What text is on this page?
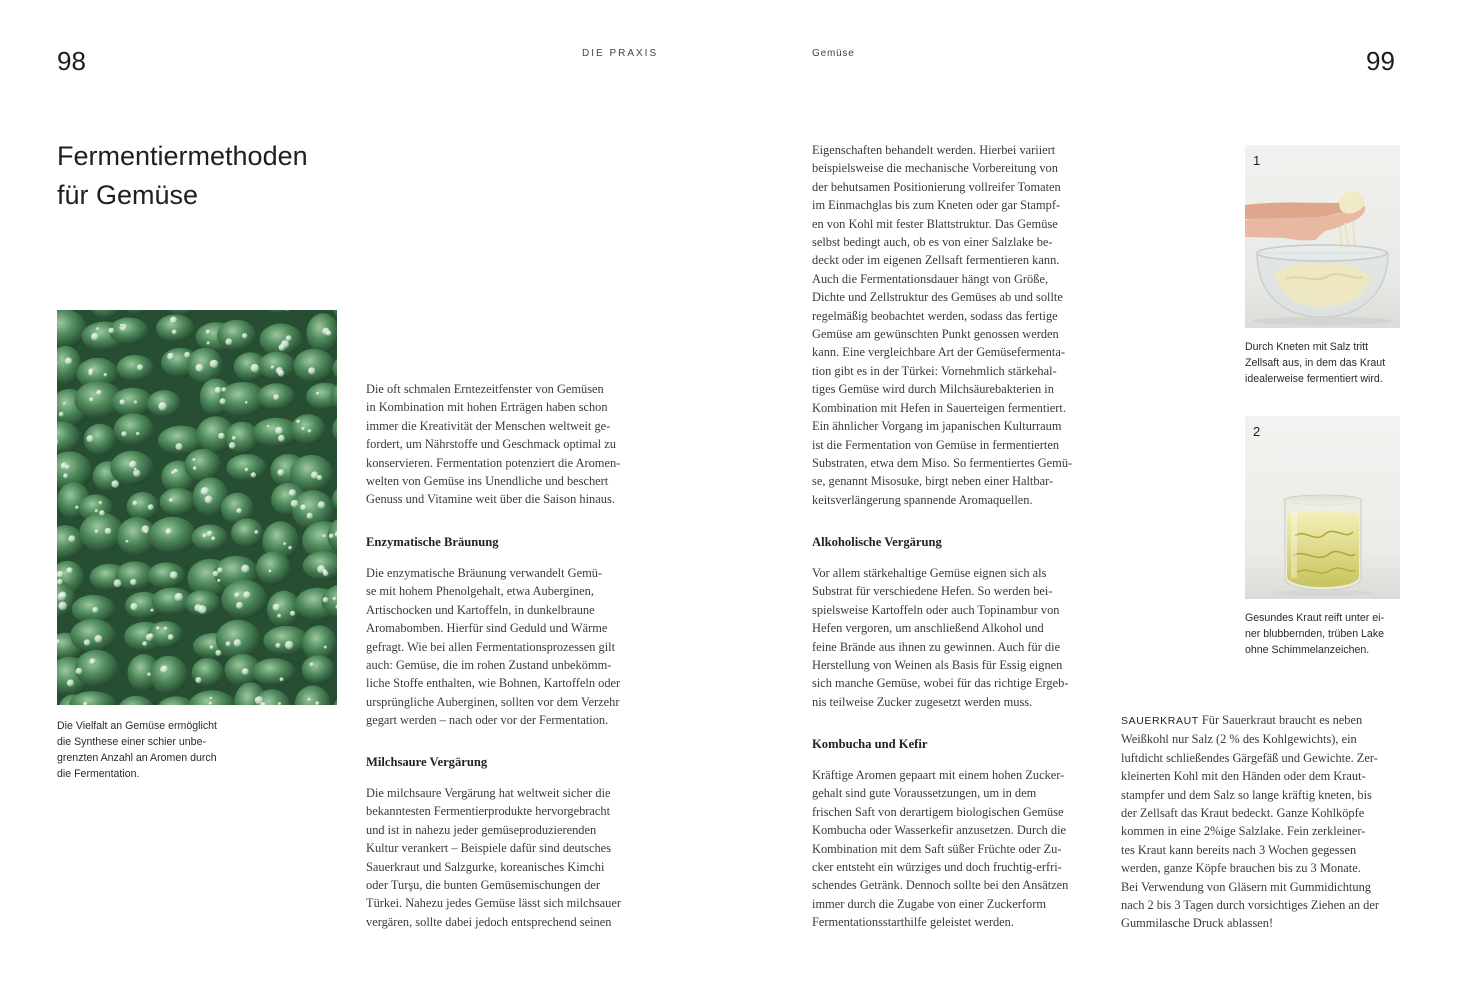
98	DIE PRAXIS	Gemüse	99
Fermentiermethoden
für Gemüse
Die Vielfalt an Gemüse ermöglicht
die Synthese einer schier unbe-
grenzten Anzahl an Aromen durch
die Fermentation.
Die oft schmalen Erntezeitfenster von Gemüsen
in Kombination mit hohen Erträgen haben schon
immer die Kreativität der Menschen weltweit ge-
fordert, um Nährstoffe und Geschmack optimal zu
konservieren. Fermentation potenziert die Aromen-
welten von Gemüse ins Unendliche und beschert
Genuss und Vitamine weit über die Saison hinaus.
Enzymatische Bräunung
Die enzymatische Bräunung verwandelt Gemü-
se mit hohem Phenolgehalt, etwa Auberginen,
Artischocken und Kartoffeln, in dunkelbraune
Aromabomben. Hierfür sind Geduld und Wärme
gefragt. Wie bei allen Fermentationsprozessen gilt
auch: Gemüse, die im rohen Zustand unbekömm-
liche Stoffe enthalten, wie Bohnen, Kartoffeln oder
ursprüngliche Auberginen, sollten vor dem Verzehr
gegart werden – nach oder vor der Fermentation.
Milchsaure Vergärung
Die milchsaure Vergärung hat weltweit sicher die
bekanntesten Fermentierprodukte hervorgebracht
und ist in nahezu jeder gemüseproduzierenden
Kultur verankert – Beispiele dafür sind deutsches
Sauerkraut und Salzgurke, koreanisches Kimchi
oder Turşu, die bunten Gemüsemischungen der
Türkei. Nahezu jedes Gemüse lässt sich milchsauer
vergären, sollte dabei jedoch entsprechend seinen
Eigenschaften behandelt werden. Hierbei variiert
beispielsweise die mechanische Vorbereitung von
der behutsamen Positionierung vollreifer Tomaten
im Einmachglas bis zum Kneten oder gar Stampf-
en von Kohl mit fester Blattstruktur. Das Gemüse
selbst bedingt auch, ob es von einer Salzlake be-
deckt oder im eigenen Zellsaft fermentieren kann.
Auch die Fermentationsdauer hängt von Größe,
Dichte und Zellstruktur des Gemüses ab und sollte
regelmäßig beobachtet werden, sodass das fertige
Gemüse am gewünschten Punkt genossen werden
kann. Eine vergleichbare Art der Gemüsefermenta-
tion gibt es in der Türkei: Vornehmlich stärkehal-
tiges Gemüse wird durch Milchsäurebakterien in
Kombination mit Hefen in Sauerteigen fermentiert.
Ein ähnlicher Vorgang im japanischen Kulturraum
ist die Fermentation von Gemüse in fermentierten
Substraten, etwa dem Miso. So fermentiertes Gemü-
se, genannt Misosuke, birgt neben einer Haltbar-
keitsverlängerung spannende Aromaquellen.
Alkoholische Vergärung
Vor allem stärkehaltige Gemüse eignen sich als
Substrat für verschiedene Hefen. So werden bei-
spielsweise Kartoffeln oder auch Topinambur von
Hefen vergoren, um anschließend Alkohol und
feine Brände aus ihnen zu gewinnen. Auch für die
Herstellung von Weinen als Basis für Essig eignen
sich manche Gemüse, wobei für das richtige Ergeb-
nis teilweise Zucker zugesetzt werden muss.
Kombucha und Kefir
Kräftige Aromen gepaart mit einem hohen Zucker-
gehalt sind gute Voraussetzungen, um in dem
frischen Saft von derartigem biologischen Gemüse
Kombucha oder Wasserkefir anzusetzen. Durch die
Kombination mit dem Saft süßer Früchte oder Zu-
cker entsteht ein würziges und doch fruchtig-erfri-
schendes Getränk. Dennoch sollte bei den Ansätzen
immer durch die Zugabe von einer Zuckerform
Fermentationsstarthilfe geleistet werden.
1
Durch Kneten mit Salz tritt
Zellsaft aus, in dem das Kraut
idealerweise fermentiert wird.
2
Gesundes Kraut reift unter ei-
ner blubbernden, trüben Lake
ohne Schimmelanzeichen.
SAUERKRAUT Für Sauerkraut braucht es neben
Weißkohl nur Salz (2 % des Kohlgewichts), ein
luftdicht schließendes Gärgefäß und Gewichte. Zer-
kleinerten Kohl mit den Händen oder dem Kraut-
stampfer und dem Salz so lange kräftig kneten, bis
der Zellsaft das Kraut bedeckt. Ganze Kohlköpfe
kommen in eine 2%ige Salzlake. Fein zerkleiner-
tes Kraut kann bereits nach 3 Wochen gegessen
werden, ganze Köpfe brauchen bis zu 3 Monate.
Bei Verwendung von Gläsern mit Gummidichtung
nach 2 bis 3 Tagen durch vorsichtiges Ziehen an der
Gummilasche Druck ablassen!
